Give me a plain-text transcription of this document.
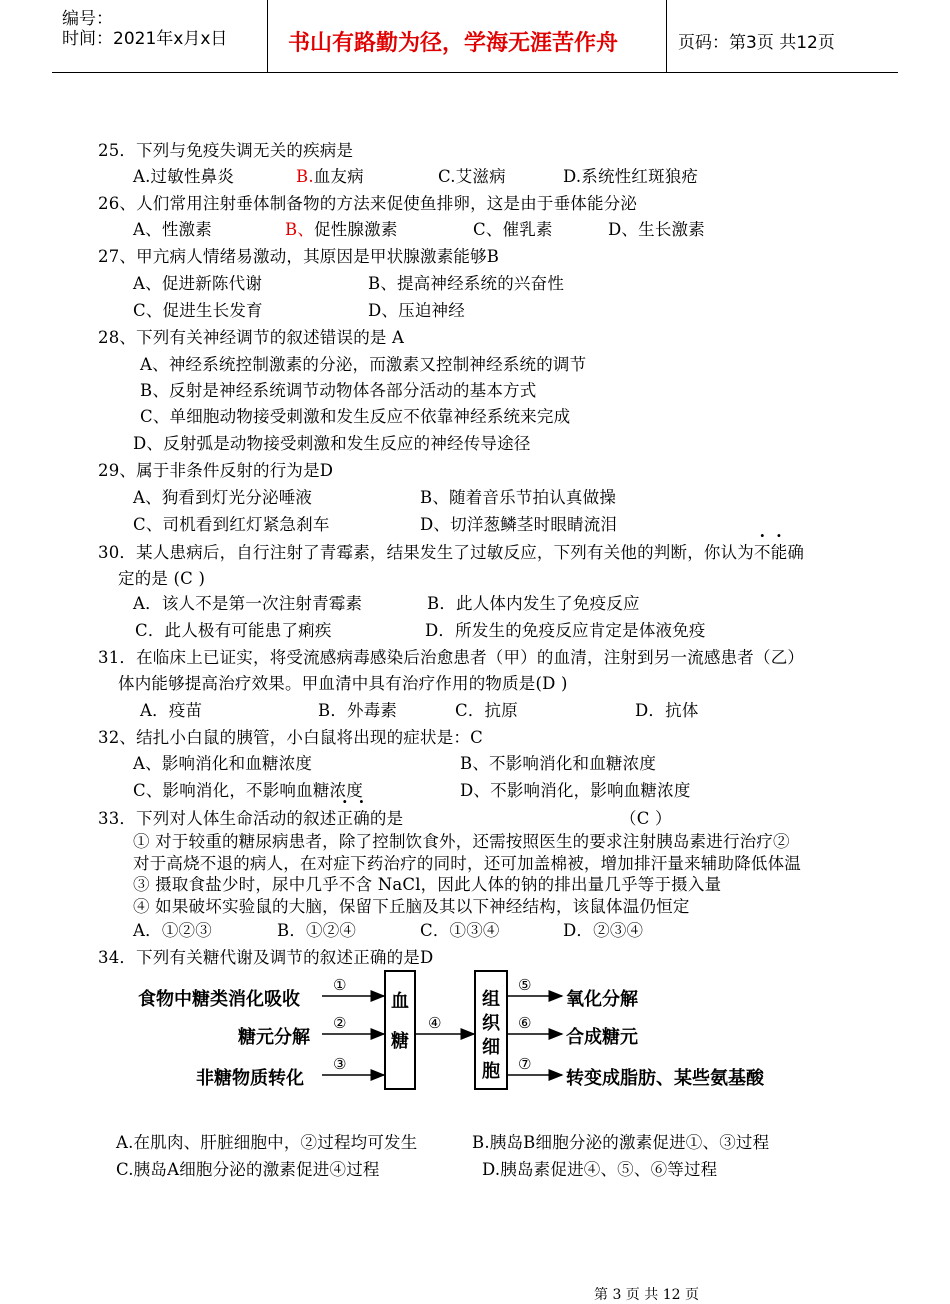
编号：
时间：2021年x月x日	书山有路勤为径，学海无涯苦作舟	页码：第3页 共12页
25．下列与免疫失调无关的疾病是
A.过敏性鼻炎	B.血友病	C.艾滋病	D.系统性红斑狼疮
26、人们常用注射垂体制备物的方法来促使鱼排卵，这是由于垂体能分泌
A、性激素	B、促性腺激素	C、催乳素	D、生长激素
27、甲亢病人情绪易激动，其原因是甲状腺激素能够B
A、促进新陈代谢	B、提高神经系统的兴奋性
C、促进生长发育	D、压迫神经
28、下列有关神经调节的叙述错误的是 A
A、神经系统控制激素的分泌，而激素又控制神经系统的调节
B、反射是神经系统调节动物体各部分活动的基本方式
C、单细胞动物接受刺激和发生反应不依靠神经系统来完成
D、反射弧是动物接受刺激和发生反应的神经传导途径
29、属于非条件反射的行为是D
A、狗看到灯光分泌唾液	B、随着音乐节拍认真做操
C、司机看到红灯紧急刹车	D、切洋葱鳞茎时眼睛流泪
30．某人患病后，自行注射了青霉素，结果发生了过敏反应，下列有关他的判断，你认为不能确
定的是 (C )
A．该人不是第一次注射青霉素	B．此人体内发生了免疫反应
C．此人极有可能患了痢疾	D．所发生的免疫反应肯定是体液免疫
31．在临床上已证实，将受流感病毒感染后治愈患者（甲）的血清，注射到另一流感患者（乙）
体内能够提高治疗效果。甲血清中具有治疗作用的物质是(D )
A．疫苗	B．外毒素	C．抗原	D．抗体
32、结扎小白鼠的胰管，小白鼠将出现的症状是：C
A、影响消化和血糖浓度	B、不影响消化和血糖浓度
C、影响消化，不影响血糖浓度	D、不影响消化，影响血糖浓度
33．下列对人体生命活动的叙述正确的是	（C ）
① 对于较重的糖尿病患者，除了控制饮食外，还需按照医生的要求注射胰岛素进行治疗②
对于高烧不退的病人，在对症下药治疗的同时，还可加盖棉被，增加排汗量来辅助降低体温
③ 摄取食盐少时，尿中几乎不含 NaCl，因此人体的钠的排出量几乎等于摄入量
④ 如果破坏实验鼠的大脑，保留下丘脑及其以下神经结构，该鼠体温仍恒定
A．①②③	B．①②④	C．①③④	D．②③④
34．下列有关糖代谢及调节的叙述正确的是D
食物中糖类消化吸收
糖元分解
非糖物质转化
①
②
③
④
⑤
⑥
⑦
血
糖
组
织
细
胞
氧化分解
合成糖元
转变成脂肪、某些氨基酸
A.在肌肉、肝脏细胞中，②过程均可发生	B.胰岛B细胞分泌的激素促进①、③过程
C.胰岛A细胞分泌的激素促进④过程	D.胰岛素促进④、⑤、⑥等过程
第 3 页 共 12 页
